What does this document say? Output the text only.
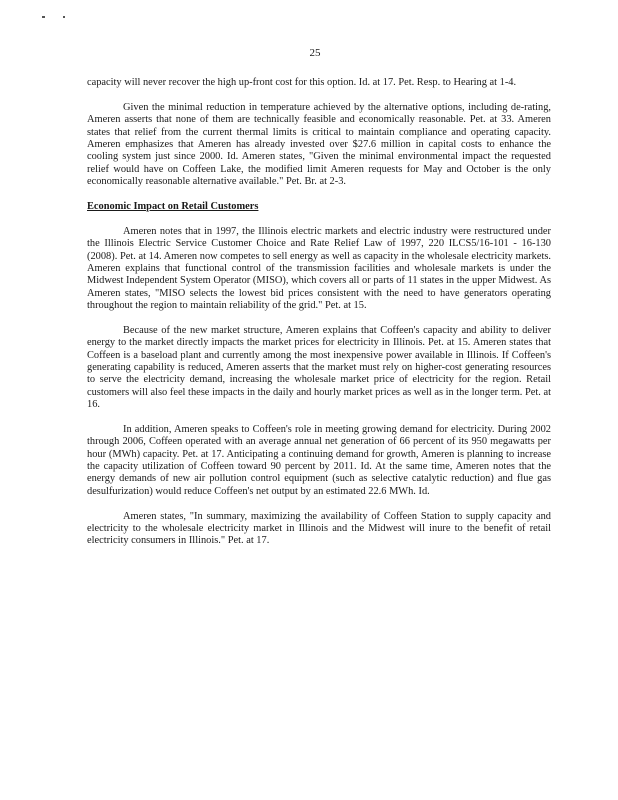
25

capacity will never recover the high up-front cost for this option. Id. at 17. Pet. Resp. to Hearing at 1-4.

Given the minimal reduction in temperature achieved by the alternative options, including de-rating, Ameren asserts that none of them are technically feasible and economically reasonable. Pet. at 33. Ameren states that relief from the current thermal limits is critical to maintain compliance and operating capacity. Ameren emphasizes that Ameren has already invested over $27.6 million in capital costs to enhance the cooling system just since 2000. Id. Ameren states, "Given the minimal environmental impact the requested relief would have on Coffeen Lake, the modified limit Ameren requests for May and October is the only economically reasonable alternative available." Pet. Br. at 2-3.

Economic Impact on Retail Customers

Ameren notes that in 1997, the Illinois electric markets and electric industry were restructured under the Illinois Electric Service Customer Choice and Rate Relief Law of 1997, 220 ILCS5/16-101 - 16-130 (2008). Pet. at 14. Ameren now competes to sell energy as well as capacity in the wholesale electricity markets. Ameren explains that functional control of the transmission facilities and wholesale markets is under the Midwest Independent System Operator (MISO), which covers all or parts of 11 states in the upper Midwest. As Ameren states, "MISO selects the lowest bid prices consistent with the need to have generators operating throughout the region to maintain reliability of the grid." Pet. at 15.

Because of the new market structure, Ameren explains that Coffeen's capacity and ability to deliver energy to the market directly impacts the market prices for electricity in Illinois. Pet. at 15. Ameren states that Coffeen is a baseload plant and currently among the most inexpensive power available in Illinois. If Coffeen's generating capability is reduced, Ameren asserts that the market must rely on higher-cost generating resources to serve the electricity demand, increasing the wholesale market price of electricity for the region. Retail customers will also feel these impacts in the daily and hourly market prices as well as in the longer term. Pet. at 16.

In addition, Ameren speaks to Coffeen's role in meeting growing demand for electricity. During 2002 through 2006, Coffeen operated with an average annual net generation of 66 percent of its 950 megawatts per hour (MWh) capacity. Pet. at 17. Anticipating a continuing demand for growth, Ameren is planning to increase the capacity utilization of Coffeen toward 90 percent by 2011. Id. At the same time, Ameren notes that the energy demands of new air pollution control equipment (such as selective catalytic reduction) and flue gas desulfurization) would reduce Coffeen's net output by an estimated 22.6 MWh. Id.

Ameren states, "In summary, maximizing the availability of Coffeen Station to supply capacity and electricity to the wholesale electricity market in Illinois and the Midwest will inure to the benefit of retail electricity consumers in Illinois." Pet. at 17.
